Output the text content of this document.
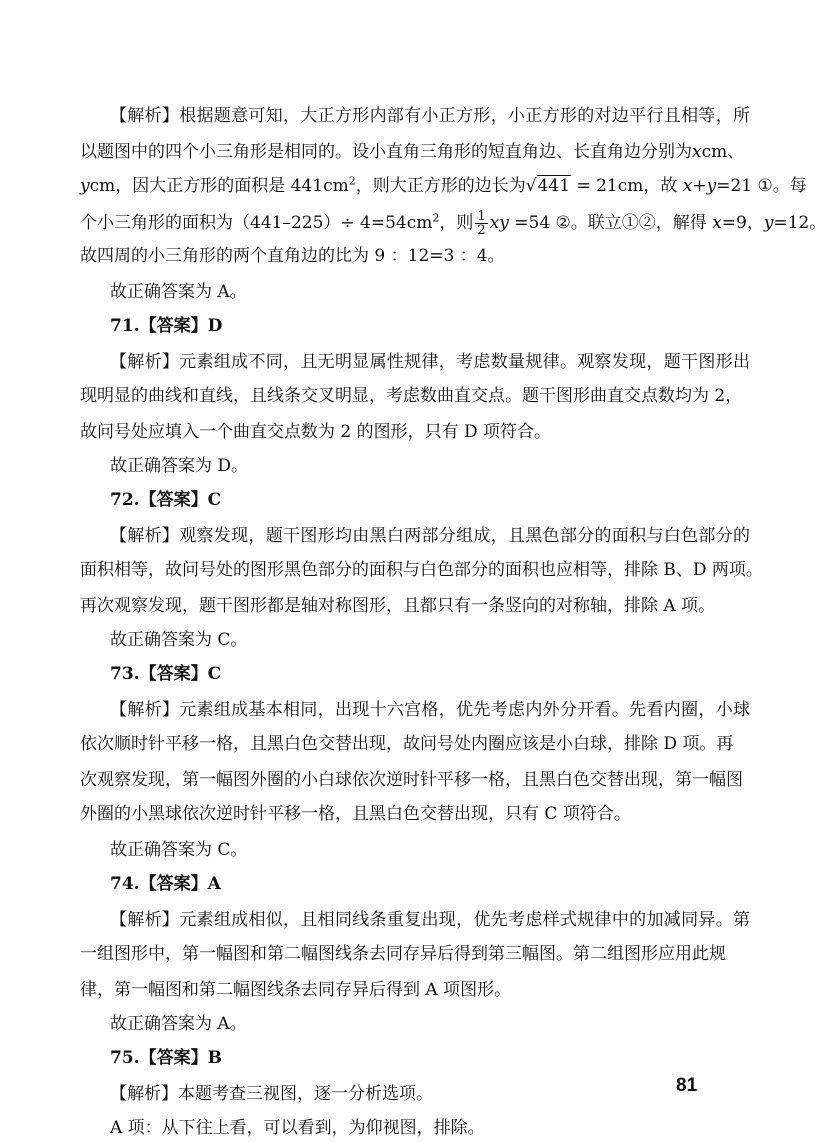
【解析】根据题意可知，大正方形内部有小正方形，小正方形的对边平行且相等，所
以题图中的四个小三角形是相同的。设小直角三角形的短直角边、长直角边分别为xcm、
ycm，因大正方形的面积是 $441cm^2$，则大正方形的边长为√441 = 21cm，故 x+y=21 ①。每
个小三角形的面积为$(441-225)\div 4=54cm^2$，则 $\frac{1}{2}$ xy =54 ②。联立①②，解得 x=9，y=12。
故四周的小三角形的两个直角边的比为 9 ：12=3 ：4。
故正确答案为 A。
71.【答案】D
【解析】元素组成不同，且无明显属性规律，考虑数量规律。观察发现，题干图形出
现明显的曲线和直线，且线条交叉明显，考虑数曲直交点。题干图形曲直交点数均为 2，
故问号处应填入一个曲直交点数为 2 的图形，只有 D 项符合。
故正确答案为 D。
72.【答案】C
【解析】观察发现，题干图形均由黑白两部分组成，且黑色部分的面积与白色部分的
面积相等，故问号处的图形黑色部分的面积与白色部分的面积也应相等，排除 B、D 两项。
再次观察发现，题干图形都是轴对称图形，且都只有一条竖向的对称轴，排除 A 项。
故正确答案为 C。
73.【答案】C
【解析】元素组成基本相同，出现十六宫格，优先考虑内外分开看。先看内圈，小球
依次顺时针平移一格，且黑白色交替出现，故问号处内圈应该是小白球，排除 D 项。再
次观察发现，第一幅图外圈的小白球依次逆时针平移一格，且黑白色交替出现，第一幅图
外圈的小黑球依次逆时针平移一格，且黑白色交替出现，只有 C 项符合。
故正确答案为 C。
74.【答案】A
【解析】元素组成相似，且相同线条重复出现，优先考虑样式规律中的加减同异。第
一组图形中，第一幅图和第二幅图线条去同存异后得到第三幅图。第二组图形应用此规
律，第一幅图和第二幅图线条去同存异后得到 A 项图形。
故正确答案为 A。
75.【答案】B
【解析】本题考查三视图，逐一分析选项。
A 项：从下往上看，可以看到，为仰视图，排除。
81
